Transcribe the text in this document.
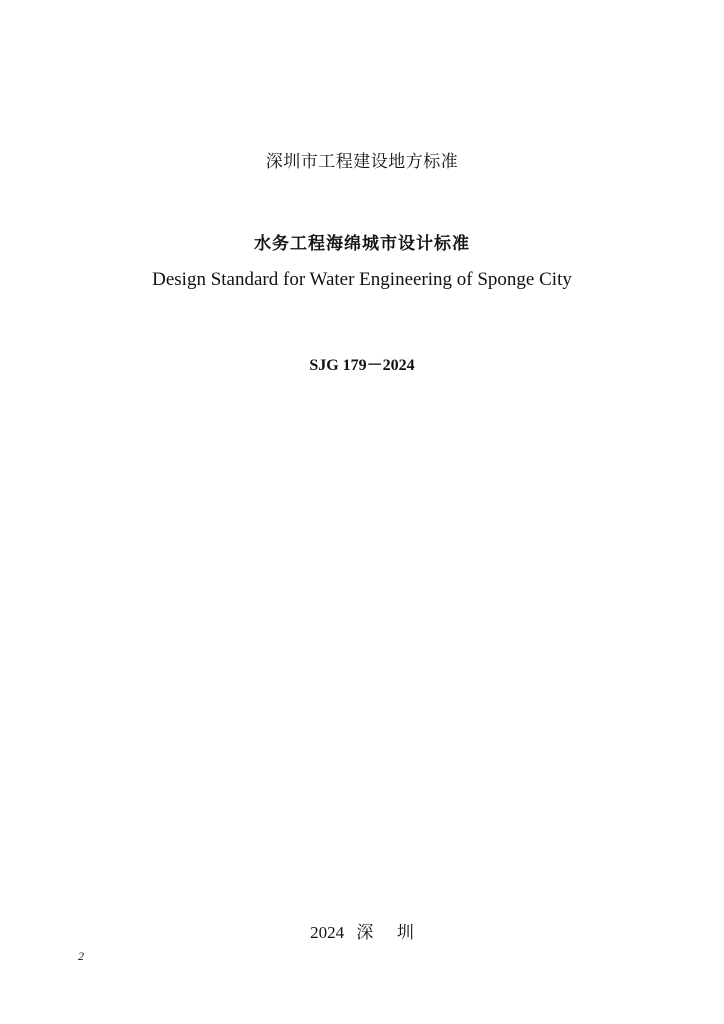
深圳市工程建设地方标准
水务工程海绵城市设计标准
Design Standard for Water Engineering of Sponge City
SJG 179－2024
2024 深 圳
2
